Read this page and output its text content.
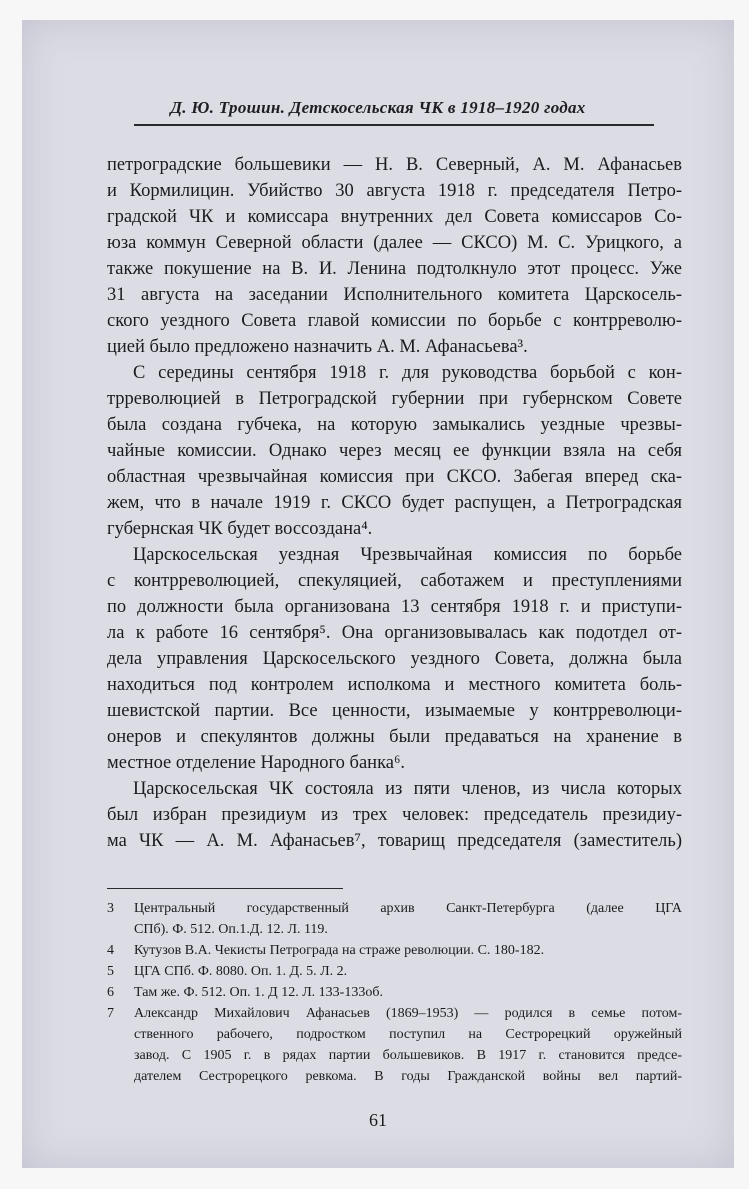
Д. Ю. Трошин. Детскосельская ЧК в 1918–1920 годах
петроградские большевики — Н. В. Северный, А. М. Афанасьев
и Кормилицин. Убийство 30 августа 1918 г. председателя Петро-
градской ЧК и комиссара внутренних дел Совета комиссаров Со-
юза коммун Северной области (далее — СКСО) М. С. Урицкого, а
также покушение на В. И. Ленина подтолкнуло этот процесс. Уже
31 августа на заседании Исполнительного комитета Царскосель-
ского уездного Совета главой комиссии по борьбе с контрреволю-
цией было предложено назначить А. М. Афанасьева³.
С середины сентября 1918 г. для руководства борьбой с кон-
трреволюцией в Петроградской губернии при губернском Совете
была создана губчека, на которую замыкались уездные чрезвы-
чайные комиссии. Однако через месяц ее функции взяла на себя
областная чрезвычайная комиссия при СКСО. Забегая вперед ска-
жем, что в начале 1919 г. СКСО будет распущен, а Петроградская
губернская ЧК будет воссоздана⁴.
Царскосельская уездная Чрезвычайная комиссия по борьбе
с контрреволюцией, спекуляцией, саботажем и преступлениями
по должности была организована 13 сентября 1918 г. и приступи-
ла к работе 16 сентября⁵. Она организовывалась как подотдел от-
дела управления Царскосельского уездного Совета, должна была
находиться под контролем исполкома и местного комитета боль-
шевистской партии. Все ценности, изымаемые у контрреволюци-
онеров и спекулянтов должны были предаваться на хранение в
местное отделение Народного банка⁶.
Царскосельская ЧК состояла из пяти членов, из числа которых
был избран президиум из трех человек: председатель президиу-
ма ЧК — А. М. Афанасьев⁷, товарищ председателя (заместитель)
3	Центральный государственный архив Санкт-Петербурга (далее ЦГА
СПб). Ф. 512. Оп.1.Д. 12. Л. 119.
4	Кутузов В.А. Чекисты Петрограда на страже революции. С. 180-182.
5	ЦГА СПб. Ф. 8080. Оп. 1. Д. 5. Л. 2.
6	Там же. Ф. 512. Оп. 1. Д 12. Л. 133-133об.
7	Александр Михайлович Афанасьев (1869–1953) — родился в семье потом-
ственного рабочего, подростком поступил на Сестрорецкий оружейный
завод. С 1905 г. в рядах партии большевиков. В 1917 г. становится предсе-
дателем Сестрорецкого ревкома. В годы Гражданской войны вел партий-
61
